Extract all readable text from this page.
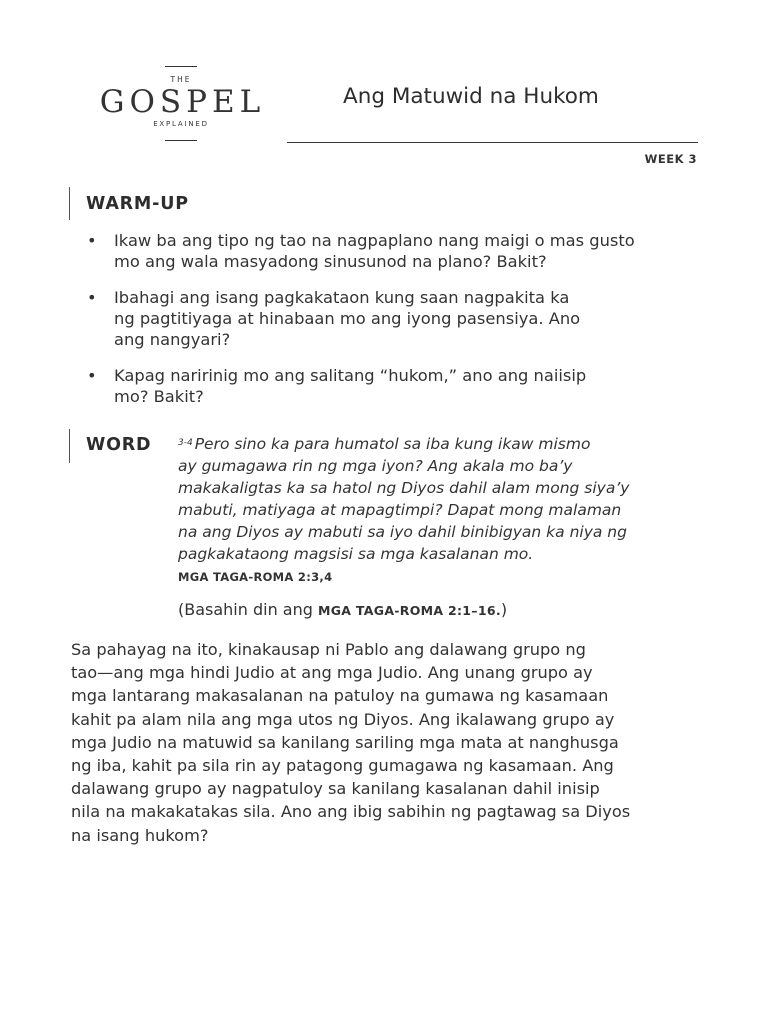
THE
GOSPEL
EXPLAINED
Ang Matuwid na Hukom
WEEK 3
WARM-UP
• Ikaw ba ang tipo ng tao na nagpaplano nang maigi o mas gusto
mo ang wala masyadong sinusunod na plano? Bakit?
• Ibahagi ang isang pagkakataon kung saan nagpakita ka
ng pagtitiyaga at hinabaan mo ang iyong pasensiya. Ano
ang nangyari?
• Kapag naririnig mo ang salitang “hukom,” ano ang naiisip
mo? Bakit?
WORD	$^{3-4}$ Pero sino ka para humatol sa iba kung ikaw mismo
ay gumagawa rin ng mga iyon? Ang akala mo ba’y
makakaligtas ka sa hatol ng Diyos dahil alam mong siya’y
mabuti, matiyaga at mapagtimpi? Dapat mong malaman
na ang Diyos ay mabuti sa iyo dahil binibigyan ka niya ng
pagkakataong magsisi sa mga kasalanan mo.

MGA TAGA-ROMA 2:3,4
(Basahin din ang MGA TAGA-ROMA 2:1–16.)

Sa pahayag na ito, kinakausap ni Pablo ang dalawang grupo ng
tao—ang mga hindi Judio at ang mga Judio. Ang unang grupo ay
mga lantarang makasalanan na patuloy na gumawa ng kasamaan
kahit pa alam nila ang mga utos ng Diyos. Ang ikalawang grupo ay
mga Judio na matuwid sa kanilang sariling mga mata at nanghusga
ng iba, kahit pa sila rin ay patagong gumagawa ng kasamaan. Ang
dalawang grupo ay nagpatuloy sa kanilang kasalanan dahil inisip
nila na makakatakas sila. Ano ang ibig sabihin ng pagtawag sa Diyos
na isang hukom?
